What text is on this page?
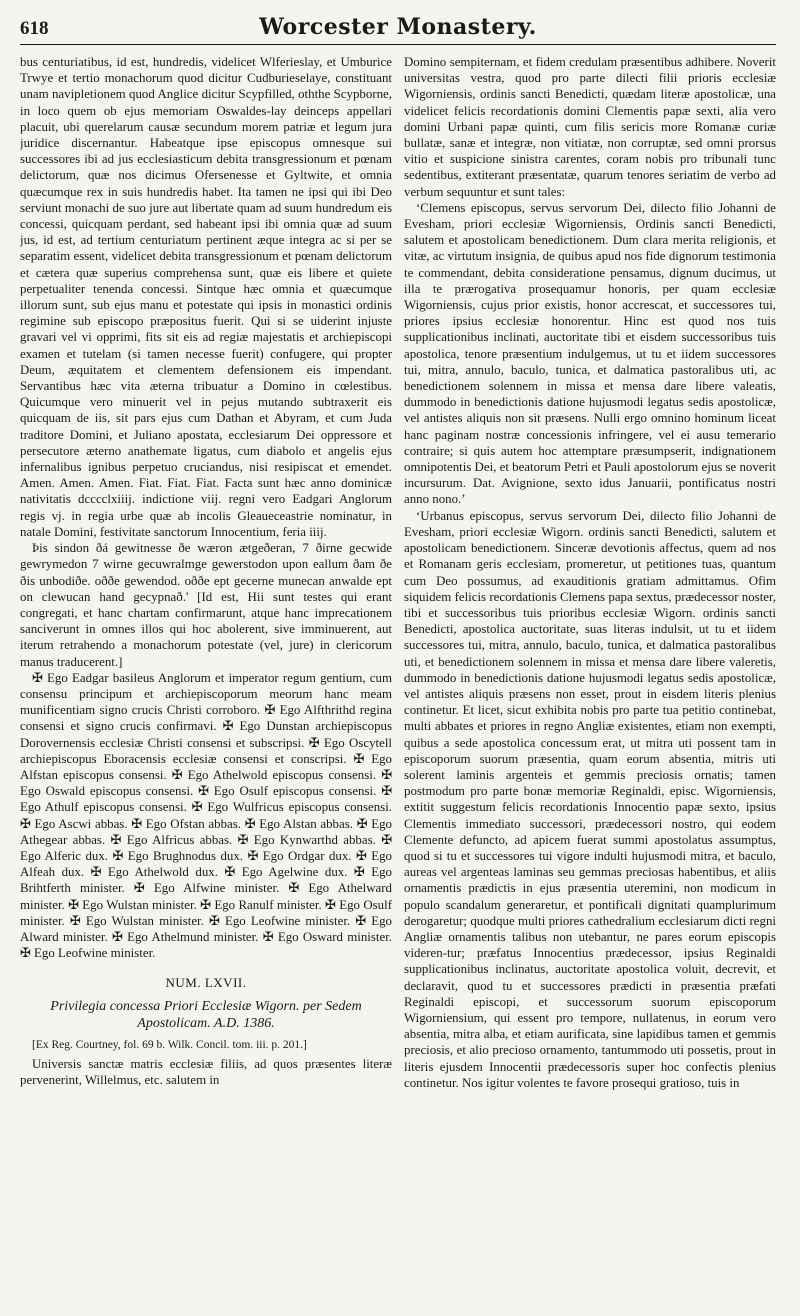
618	Worcester Monastery.

bus centuriatibus, id est, hundredis, videlicet Wlferieslay, et Umburice Trwye et tertio monachorum quod dicitur Cudburieselaye, constituant unam navipletionem quod Anglice dicitur Scypfilled, oththe Scypborne, in loco quem ob ejus memoriam Oswaldes-lay deinceps appellari placuit, ubi querelarum causæ secundum morem patriæ et legum jura juridice discernantur. Habeatque ipse episcopus omnesque sui successores ibi ad jus ecclesiasticum debita transgressionum et pœnam delictorum, quæ nos dicimus Ofersenesse et Gyltwite, et omnia quæcumque rex in suis hundredis habet. Ita tamen ne ipsi qui ibi Deo serviunt monachi de suo jure aut libertate quam ad suum hundredum eis concessi, quicquam perdant, sed habeant ipsi ibi omnia quæ ad suum jus, id est, ad tertium centuriatum pertinent æque integra ac si per se separatim essent, videlicet debita transgressionum et pœnam delictorum et cætera quæ superius comprehensa sunt, quæ eis libere et quiete perpetualiter tenenda concessi. Sintque hæc omnia et quæcumque illorum sunt, sub ejus manu et potestate qui ipsis in monastici ordinis regimine sub episcopo præpositus fuerit. Qui si se uiderint injuste gravari vel vi opprimi, fits sit eis ad regiæ majestatis et archiepiscopi examen et tutelam (si tamen necesse fuerit) confugere, qui propter Deum, æquitatem et clementem defensionem eis impendant. Servantibus hæc vita æterna tribuatur a Domino in cœlestibus. Quicumque vero minuerit vel in pejus mutando subtraxerit eis quicquam de iis, sit pars ejus cum Dathan et Abyram, et cum Juda traditore Domini, et Juliano apostata, ecclesiarum Dei oppressore et persecutore æterno anathemate ligatus, cum diabolo et angelis ejus infernalibus ignibus perpetuo cruciandus, nisi resipiscat et emendet. Amen. Amen. Amen. Fiat. Fiat. Fiat. Facta sunt hæc anno dominicæ nativitatis dcccclxiiij. indictione viij. regni vero Eadgari Anglorum regis vj. in regia urbe quæ ab incolis Gleaueceastrie nominatur, in natale Domini, festivitate sanctorum Innocentium, feria iiij.

Þis sindon ðá gewitnesse ðe wæron ætgeðeran, 7 ðirne gecwide gewrymedon 7 wirne gecuwralmge gewerstodon upon eallum ðam ðe ðis unbodiðe. oððe gewendod. oððe ept gecerne munecan anwalde ept on clewucan hand gecypnað.' [Id est, Hii sunt testes qui erant congregati, et hanc chartam confirmarunt, atque hanc imprecationem sanciverunt in omnes illos qui hoc abolerent, sive imminuerent, aut iterum retrahendo a monachorum potestate (vel, jure) in clericorum manus traducerent.]

✠ Ego Eadgar basileus Anglorum et imperator regum gentium, cum consensu principum et archiepiscoporum meorum hanc meam munificentiam signo crucis Christi corroboro. ✠ Ego Alfthrithd regina consensi et signo crucis confirmavi. ✠ Ego Dunstan archiepiscopus Dorovernensis ecclesiæ Christi consensi et subscripsi. ✠ Ego Oscytell archiepiscopus Eboracensis ecclesiæ consensi et conscripsi. ✠ Ego Alfstan episcopus consensi. ✠ Ego Athelwold episcopus consensi. ✠ Ego Oswald episcopus consensi. ✠ Ego Osulf episcopus consensi. ✠ Ego Athulf episcopus consensi. ✠ Ego Wulfricus episcopus consensi. ✠ Ego Ascwi abbas. ✠ Ego Ofstan abbas. ✠ Ego Alstan abbas. ✠ Ego Athegear abbas. ✠ Ego Alfricus abbas. ✠ Ego Kynwarthd abbas. ✠ Ego Alferic dux. ✠ Ego Brughnodus dux. ✠ Ego Ordgar dux. ✠ Ego Alfeah dux. ✠ Ego Athelwold dux. ✠ Ego Agelwine dux. ✠ Ego Brihtferth minister. ✠ Ego Alfwine minister. ✠ Ego Athelward minister. ✠ Ego Wulstan minister. ✠ Ego Ranulf minister. ✠ Ego Osulf minister. ✠ Ego Wulstan minister. ✠ Ego Leofwine minister. ✠ Ego Alward minister. ✠ Ego Athelmund minister. ✠ Ego Osward minister. ✠ Ego Leofwine minister.

NUM. LXVII.
Privilegia concessa Priori Ecclesiæ Wigorn. per Sedem Apostolicam. A.D. 1386.

[Ex Reg. Courtney, fol. 69 b. Wilk. Concil. tom. iii. p. 201.]

Universis sanctæ matris ecclesiæ filiis, ad quos præsentes literæ pervenerint, Willelmus, etc. salutem in

Domino sempiternam, et fidem credulam præsentibus adhibere. Noverit universitas vestra, quod pro parte dilecti filii prioris ecclesiæ Wigorniensis, ordinis sancti Benedicti, quædam literæ apostolicæ, una videlicet felicis recordationis domini Clementis papæ sexti, alia vero domini Urbani papæ quinti, cum filis sericis more Romanæ curiæ bullatæ, sanæ et integræ, non vitiatæ, non corruptæ, sed omni prorsus vitio et suspicione sinistra carentes, coram nobis pro tribunali tunc sedentibus, extiterant præsentatæ, quarum tenores seriatim de verbo ad verbum sequuntur et sunt tales:

‘Clemens episcopus, servus servorum Dei, dilecto filio Johanni de Evesham, priori ecclesiæ Wigorniensis, Ordinis sancti Benedicti, salutem et apostolicam benedictionem. Dum clara merita religionis, et vitæ, ac virtutum insignia, de quibus apud nos fide dignorum testimonia te commendant, debita consideratione pensamus, dignum ducimus, ut illa te prærogativa prosequamur honoris, per quam ecclesiæ Wigorniensis, cujus prior existis, honor accrescat, et successores tui, priores ipsius ecclesiæ honorentur. Hinc est quod nos tuis supplicationibus inclinati, auctoritate tibi et eisdem successoribus tuis apostolica, tenore præsentium indulgemus, ut tu et iidem successores tui, mitra, annulo, baculo, tunica, et dalmatica pastoralibus uti, ac benedictionem solennem in missa et mensa dare libere valeatis, dummodo in benedictionis datione hujusmodi legatus sedis apostolicæ, vel antistes aliquis non sit præsens. Nulli ergo omnino hominum liceat hanc paginam nostræ concessionis infringere, vel ei ausu temerario contraire; si quis autem hoc attemptare præsumpserit, indignationem omnipotentis Dei, et beatorum Petri et Pauli apostolorum ejus se noverit incursurum. Dat. Avignione, sexto idus Januarii, pontificatus nostri anno nono.’

‘Urbanus episcopus, servus servorum Dei, dilecto filio Johanni de Evesham, priori ecclesiæ Wigorn. ordinis sancti Benedicti, salutem et apostolicam benedictionem. Sinceræ devotionis affectus, quem ad nos et Romanam geris ecclesiam, promeretur, ut petitiones tuas, quantum cum Deo possumus, ad exauditionis gratiam admittamus. Ofim siquidem felicis recordationis Clemens papa sextus, prædecessor noster, tibi et successoribus tuis prioribus ecclesiæ Wigorn. ordinis sancti Benedicti, apostolica auctoritate, suas literas indulsit, ut tu et iidem successores tui, mitra, annulo, baculo, tunica, et dalmatica pastoralibus uti, et benedictionem solennem in missa et mensa dare libere valeretis, dummodo in benedictionis datione hujusmodi legatus sedis apostolicæ, vel antistes aliquis præsens non esset, prout in eisdem literis plenius continetur. Et licet, sicut exhibita nobis pro parte tua petitio continebat, multi abbates et priores in regno Angliæ existentes, etiam non exempti, quibus a sede apostolica concessum erat, ut mitra uti possent tam in episcoporum suorum præsentia, quam eorum absentia, mitris uti solerent laminis argenteis et gemmis preciosis ornatis; tamen postmodum pro parte bonæ memoriæ Reginaldi, episc. Wigorniensis, extitit suggestum felicis recordationis Innocentio papæ sexto, ipsius Clementis immediato successori, prædecessori nostro, qui eodem Clemente defuncto, ad apicem fuerat summi apostolatus assumptus, quod si tu et successores tui vigore indulti hujusmodi mitra, et baculo, aureas vel argenteas laminas seu gemmas preciosas habentibus, et aliis ornamentis prædictis in ejus præsentia uteremini, non modicum in populo scandalum generaretur, et pontificali dignitati quamplurimum derogaretur; quodque multi priores cathedralium ecclesiarum dicti regni Angliæ ornamentis talibus non utebantur, ne pares eorum episcopis videren-tur; præfatus Innocentius prædecessor, ipsius Reginaldi supplicationibus inclinatus, auctoritate apostolica voluit, decrevit, et declaravit, quod tu et successores prædicti in præsentia præfati Reginaldi episcopi, et successorum suorum episcoporum Wigorniensium, qui essent pro tempore, nullatenus, in eorum vero absentia, mitra alba, et etiam aurificata, sine lapidibus tamen et gemmis preciosis, et alio precioso ornamento, tantummodo uti possetis, prout in literis ejusdem Innocentii prædecessoris super hoc confectis plenius continetur. Nos igitur volentes te favore prosequi gratioso, tuis in
